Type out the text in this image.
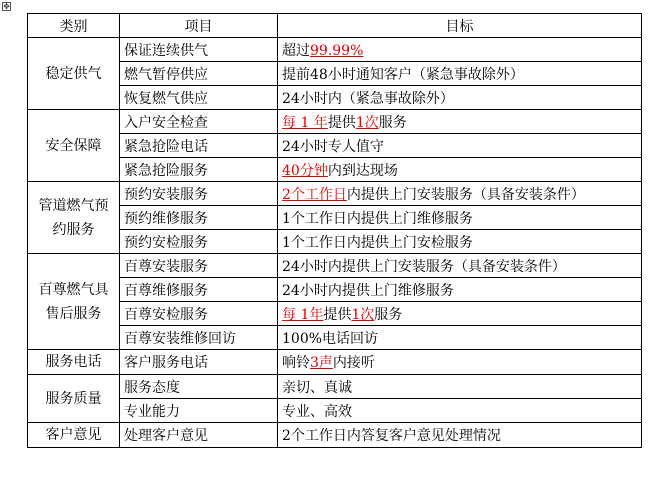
✥
类别	项目	目标
稳定供气	保证连续供气	超过99.99%
	燃气暂停供应	提前48小时通知客户（紧急事故除外）
	恢复燃气供应	24小时内（紧急事故除外）
安全保障	入户安全检查	每 1 年提供1次服务
	紧急抢险电话	24小时专人值守
	紧急抢险服务	40分钟内到达现场
管道燃气预约服务	预约安装服务	2个工作日内提供上门安装服务（具备安装条件）
	预约维修服务	1个工作日内提供上门维修服务
	预约安检服务	1个工作日内提供上门安检服务
百尊燃气具售后服务	百尊安装服务	24小时内提供上门安装服务（具备安装条件）
	百尊维修服务	24小时内提供上门维修服务
	百尊安检服务	每 1年提供1次服务
	百尊安装维修回访	100%电话回访
服务电话	客户服务电话	响铃3声内接听
服务质量	服务态度	亲切、真诚
	专业能力	专业、高效
客户意见	处理客户意见	2个工作日内答复客户意见处理情况
